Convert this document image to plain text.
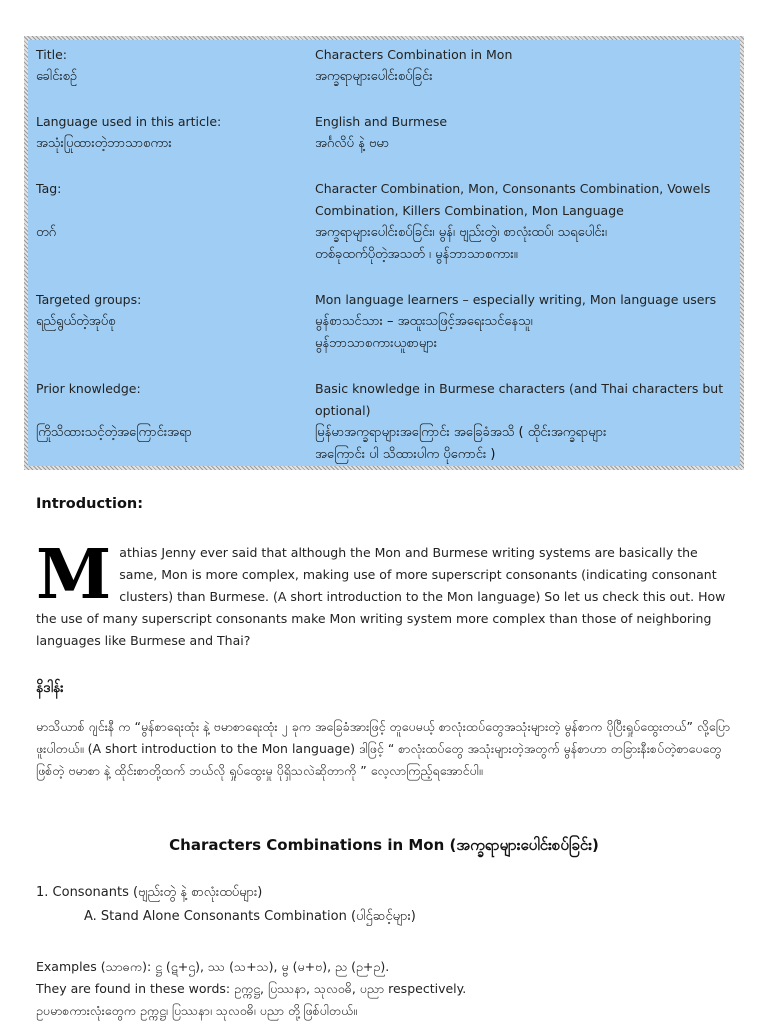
Title:
ခေါင်းစဉ်
Characters Combination in Mon
အက္ခရာများပေါင်းစပ်ခြင်း
Language used in this article:
အသုံးပြုထားတဲ့ဘာသာစကား
English and Burmese
အင်္ဂလိပ် နဲ့ ဗမာ
Tag:
တဂ်
Character Combination, Mon, Consonants Combination, Vowels
Combination, Killers Combination, Mon Language
အက္ခရာများပေါင်းစပ်ခြင်း၊ မွန်၊ ဗျည်းတွဲ၊ စာလုံးထပ်၊ သရပေါင်း၊
တစ်ခုထက်ပိုတဲ့အသတ် ၊ မွန်ဘာသာစကား။
Targeted groups:
ရည်ရွယ်တဲ့အုပ်စု
Mon language learners – especially writing, Mon language users
မွန်စာသင်သား – အထူးသဖြင့်အရေးသင်နေသူ၊
မွန်ဘာသာစကားယူစာများ
Prior knowledge:
ကြိုသိထားသင့်တဲ့အကြောင်းအရာ
Basic knowledge in Burmese characters (and Thai characters but
optional)
မြန်မာအက္ခရာများအကြောင်း အခြေခံအသိ ( ထိုင်းအက္ခရာများ
အကြောင်း ပါ သိထားပါက ပိုကောင်း )
Introduction:
M athias Jenny ever said that although the Mon and Burmese writing systems are basically the same, Mon is more complex, making use of more superscript consonants (indicating consonant clusters) than Burmese. (A short introduction to the Mon language) So let us check this out. How the use of many superscript consonants make Mon writing system more complex than those of neighboring languages like Burmese and Thai?
နိဒါန်း
မာသိယာစ် ဂျင်းနီ က “မွန်စာရေးထုံး နဲ့ ဗမာစာရေးထုံး ၂ ခုက အခြေခံအားဖြင့် တူပေမယ့် စာလုံးထပ်တွေအသုံးများတဲ့ မွန်စာက ပိုပြီးရှုပ်ထွေးတယ်” လို့ပြောဖူးပါတယ်။ (A short introduction to the Mon language) ဒါဖြင့် “ စာလုံးထပ်တွေ အသုံးများတဲ့အတွက် မွန်စာဟာ တခြားနီးစပ်တဲ့စာပေတွေဖြစ်တဲ့ ဗမာစာ နဲ့ ထိုင်းစာတို့ထက် ဘယ်လို ရှုပ်ထွေးမှု ပိုရှိသလဲဆိုတာကို ” လေ့လာကြည့်ရအောင်ပါ။
Characters Combinations in Mon (အက္ခရာများပေါင်းစပ်ခြင်း)
1. Consonants (ဗျည်းတွဲ နဲ့ စာလုံးထပ်များ)
A. Stand Alone Consonants Combination (ပါဌ်ဆင့်များ)
Examples (သာဓက): ဋ္ဌ (ဋ+ဌ), ဿ (သ+သ), မ္ဗ (မ+ဗ), ည (ဉ+ဉ).
They are found in these words: ဥက္ကဋ္ဌ, ပြဿနာ, သုလဝဓိ, ပညာ respectively.
ဥပမာစကားလုံးတွေက ဥက္ကဋ္ဌ၊ ပြဿနာ၊ သုလဝဓိ၊ ပညာ တို့ဖြစ်ပါတယ်။
